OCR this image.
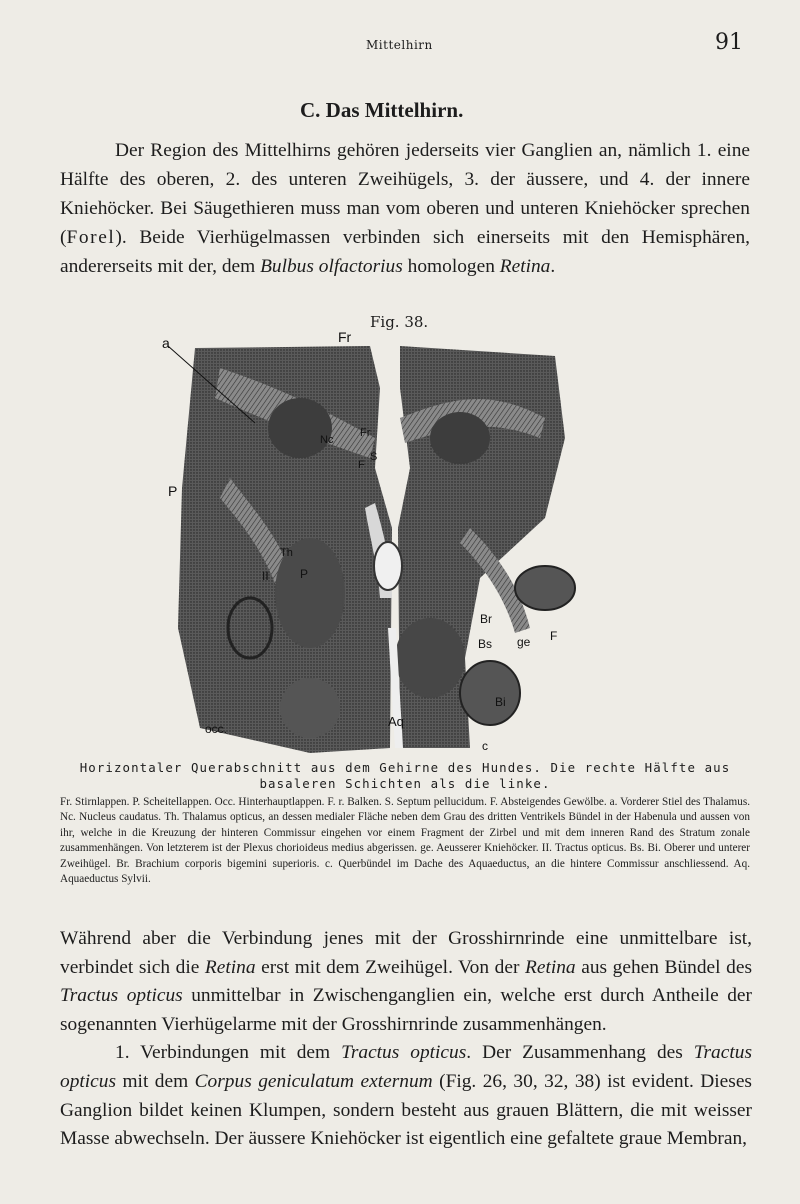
Mittelhirn	91
C. Das Mittelhirn.

Der Region des Mittelhirns gehören jederseits vier Ganglien an, nämlich 1. eine Hälfte des oberen, 2. des unteren Zweihügels, 3. der äussere, und 4. der innere Kniehöcker. Bei Säugethieren muss man vom oberen und unteren Kniehöcker sprechen (Forel). Beide Vierhügelmassen verbinden sich einerseits mit den Hemisphären, andererseits mit der, dem Bulbus olfactorius homologen Retina.

Fig. 38.
a	Fr
Nc
Fr
S
F
P
Th
II	P
Br
Bs ge F
Bi
Aq
occ.
c
Horizontaler Querabschnitt aus dem Gehirne des Hundes. Die rechte Hälfte aus basaleren Schichten als die linke.
Fr. Stirnlappen. P. Scheitellappen. Occ. Hinterhauptlappen. F. r. Balken. S. Septum pellucidum. F. Absteigendes Gewölbe. a. Vorderer Stiel des Thalamus. Nc. Nucleus caudatus. Th. Thalamus opticus, an dessen medialer Fläche neben dem Grau des dritten Ventrikels Bündel in der Habenula und aussen von ihr, welche in die Kreuzung der hinteren Commissur eingehen vor einem Fragment der Zirbel und mit dem inneren Rand des Stratum zonale zusammenhängen. Von letzterem ist der Plexus chorioideus medius abgerissen. ge. Aeusserer Kniehöcker. II. Tractus opticus. Bs. Bi. Oberer und unterer Zweihügel. Br. Brachium corporis bigemini superioris. c. Querbündel im Dache des Aquaeductus, an die hintere Commissur anschliessend. Aq. Aquaeductus Sylvii.

Während aber die Verbindung jenes mit der Grosshirnrinde eine unmittelbare ist, verbindet sich die Retina erst mit dem Zweihügel. Von der Retina aus gehen Bündel des Tractus opticus unmittelbar in Zwischenganglien ein, welche erst durch Antheile der sogenannten Vierhügelarme mit der Grosshirnrinde zusammenhängen.

1. Verbindungen mit dem Tractus opticus. Der Zusammenhang des Tractus opticus mit dem Corpus geniculatum externum (Fig. 26, 30, 32, 38) ist evident. Dieses Ganglion bildet keinen Klumpen, sondern besteht aus grauen Blättern, die mit weisser Masse abwechseln. Der äussere Kniehöcker ist eigentlich eine gefaltete graue Membran,
